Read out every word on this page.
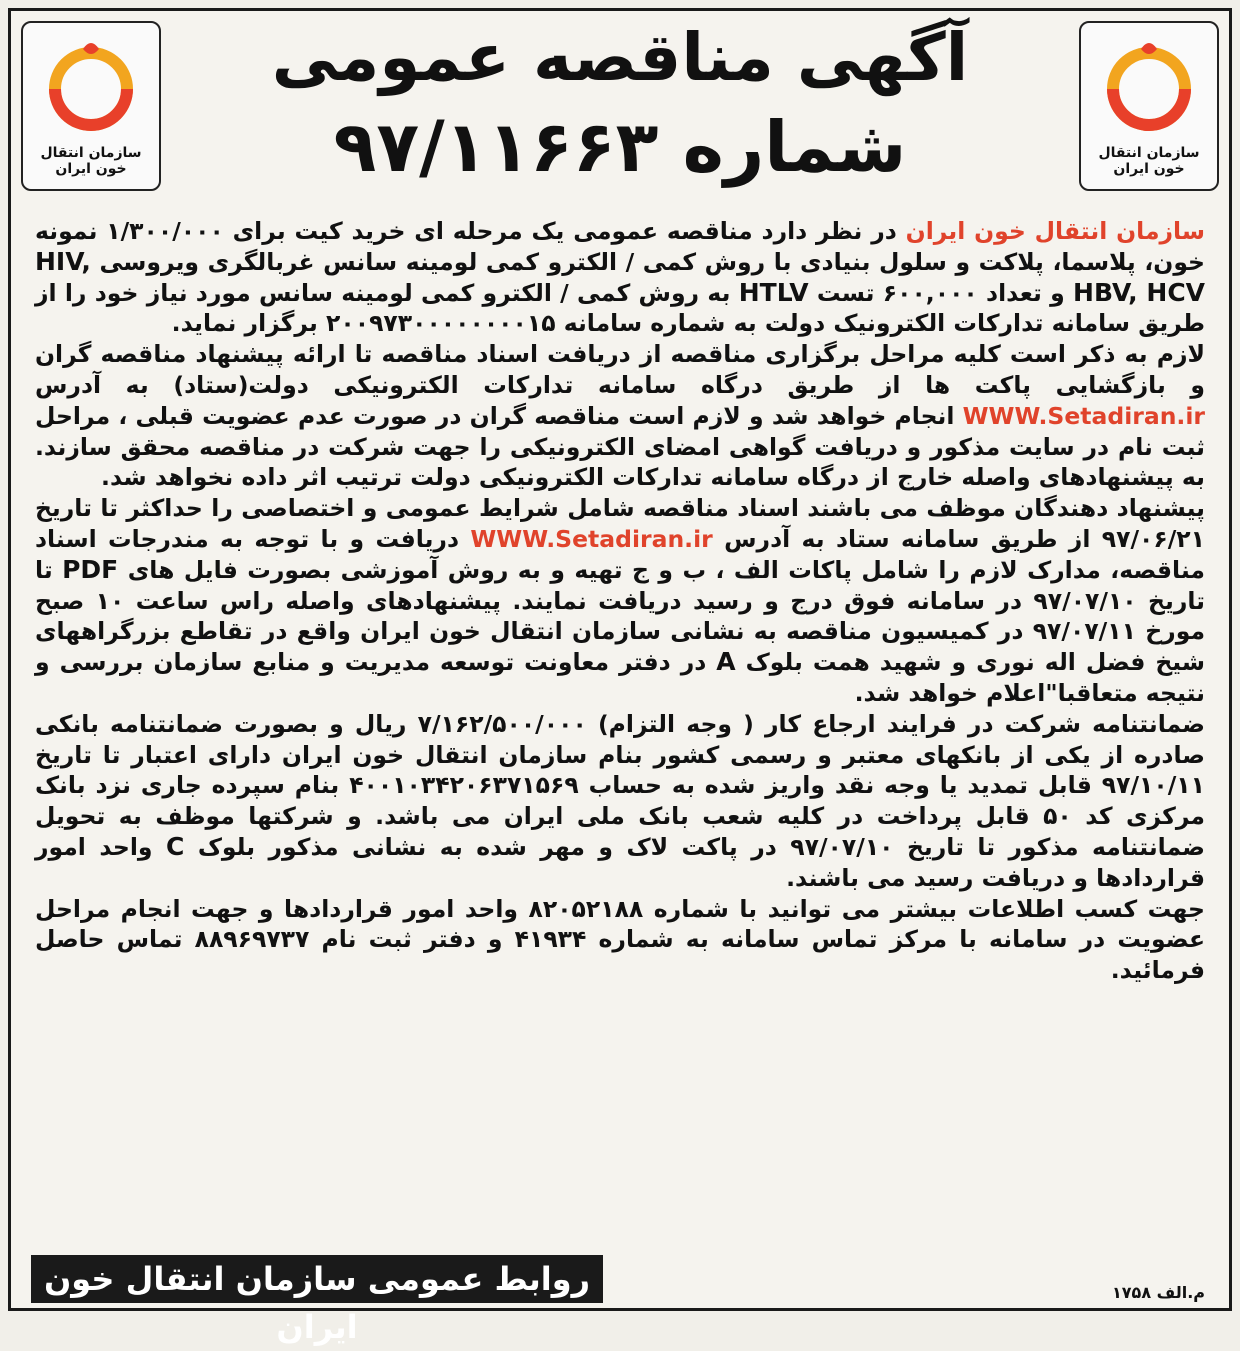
سازمان انتقال خون ایران
سازمان انتقال خون ایران
آگهی مناقصه عمومی
شماره ۹۷/۱۱۶۶۳

سازمان انتقال خون ایران در نظر دارد مناقصه عمومی یک مرحله ای خرید کیت برای ۱/۳۰۰/۰۰۰ نمونه خون، پلاسما، پلاکت و سلول بنیادی با روش کمی / الکترو کمی لومینه سانس غربالگری ویروسی HIV, HBV, HCV و تعداد ۶۰۰,۰۰۰ تست HTLV به روش کمی / الکترو کمی لومینه سانس مورد نیاز خود را از طریق سامانه تدارکات الکترونیک دولت به شماره سامانه ۲۰۰۹۷۳۰۰۰۰۰۰۰۰۱۵ برگزار نماید.

لازم به ذکر است کلیه مراحل برگزاری مناقصه از دریافت اسناد مناقصه تا ارائه پیشنهاد مناقصه گران و بازگشایی پاکت ها از طریق درگاه سامانه تدارکات الکترونیکی دولت(ستاد) به آدرس WWW.Setadiran.ir انجام خواهد شد و لازم است مناقصه گران در صورت عدم عضویت قبلی ، مراحل ثبت نام در سایت مذکور و دریافت گواهی امضای الکترونیکی را جهت شرکت در مناقصه محقق سازند. به پیشنهادهای واصله خارج از درگاه سامانه تدارکات الکترونیکی دولت ترتیب اثر داده نخواهد شد.

پیشنهاد دهندگان موظف می باشند اسناد مناقصه شامل شرایط عمومی و اختصاصی را حداکثر تا تاریخ ۹۷/۰۶/۲۱ از طریق سامانه ستاد به آدرس WWW.Setadiran.ir دریافت و با توجه به مندرجات اسناد مناقصه، مدارک لازم را شامل پاکات الف ، ب و ج تهیه و به روش آموزشی بصورت فایل های PDF تا تاریخ ۹۷/۰۷/۱۰ در سامانه فوق درج و رسید دریافت نمایند. پیشنهادهای واصله راس ساعت ۱۰ صبح مورخ ۹۷/۰۷/۱۱ در کمیسیون مناقصه به نشانی سازمان انتقال خون ایران واقع در تقاطع بزرگراههای شیخ فضل اله نوری و شهید همت بلوک A در دفتر معاونت توسعه مدیریت و منابع سازمان بررسی و نتیجه متعاقبا"اعلام خواهد شد.

ضمانتنامه شرکت در فرایند ارجاع کار ( وجه التزام) ۷/۱۶۲/۵۰۰/۰۰۰ ریال و بصورت ضمانتنامه بانکی صادره از یکی از بانکهای معتبر و رسمی کشور بنام سازمان انتقال خون ایران دارای اعتبار تا تاریخ ۹۷/۱۰/۱۱ قابل تمدید یا وجه نقد واریز شده به حساب ۴۰۰۱۰۳۴۲۰۶۳۷۱۵۶۹ بنام سپرده جاری نزد بانک مرکزی کد ۵۰ قابل پرداخت در کلیه شعب بانک ملی ایران می باشد. و شرکتها موظف به تحویل ضمانتنامه مذکور تا تاریخ ۹۷/۰۷/۱۰ در پاکت لاک و مهر شده به نشانی مذکور بلوک C واحد امور قراردادها و دریافت رسید می باشند.

جهت کسب اطلاعات بیشتر می توانید با شماره ۸۲۰۵۲۱۸۸ واحد امور قراردادها و جهت انجام مراحل عضویت در سامانه با مرکز تماس سامانه به شماره ۴۱۹۳۴ و دفتر ثبت نام ۸۸۹۶۹۷۳۷ تماس حاصل فرمائید.

روابط عمومی سازمان انتقال خون ایران
م.الف ۱۷۵۸
